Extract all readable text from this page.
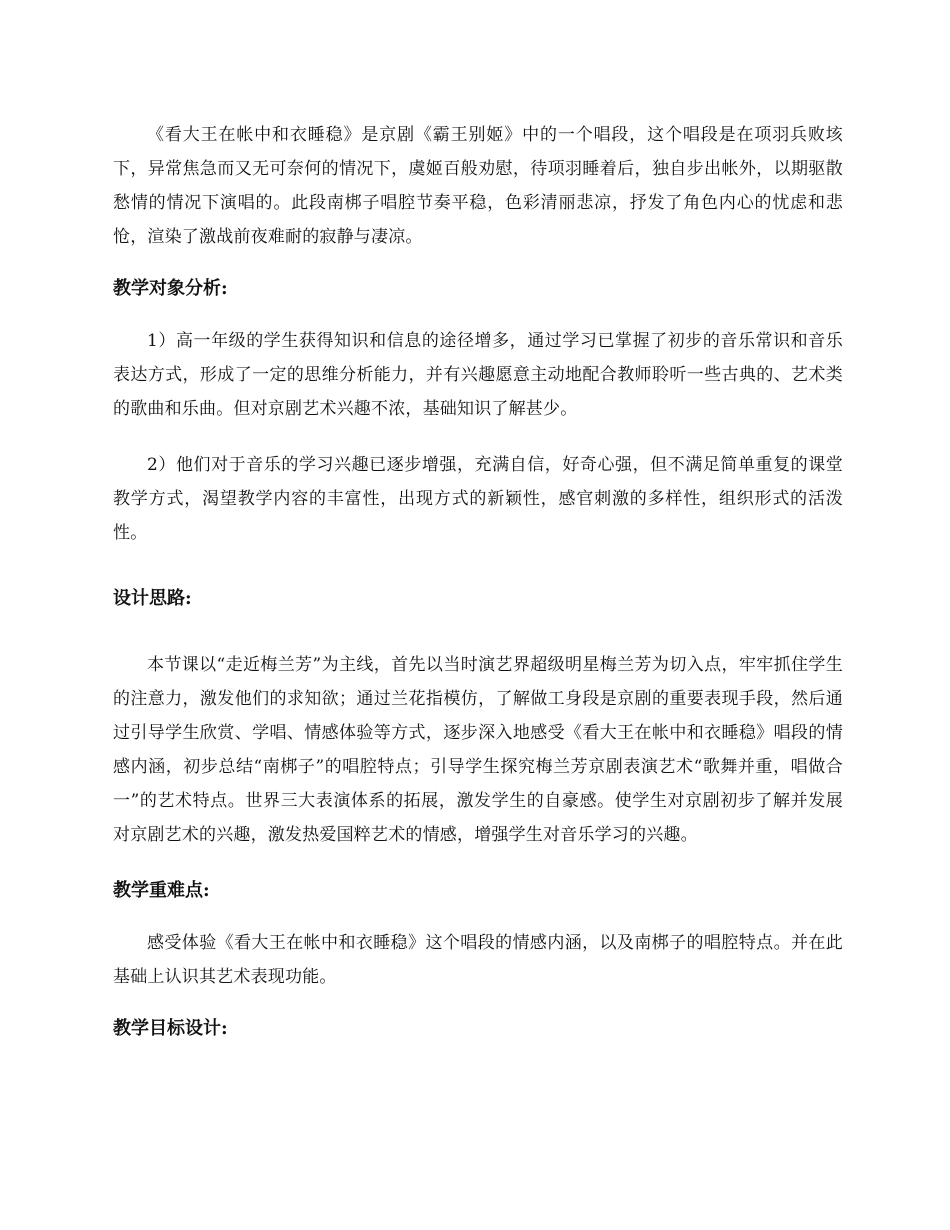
《看大王在帐中和衣睡稳》是京剧《霸王别姬》中的一个唱段，这个唱段是在项羽兵败垓下，异常焦急而又无可奈何的情况下，虞姬百般劝慰，待项羽睡着后，独自步出帐外，以期驱散愁情的情况下演唱的。此段南梆子唱腔节奏平稳，色彩清丽悲凉，抒发了角色内心的忧虑和悲怆，渲染了激战前夜难耐的寂静与凄凉。

教学对象分析:

1）高一年级的学生获得知识和信息的途径增多，通过学习已掌握了初步的音乐常识和音乐表达方式，形成了一定的思维分析能力，并有兴趣愿意主动地配合教师聆听一些古典的、艺术类的歌曲和乐曲。但对京剧艺术兴趣不浓，基础知识了解甚少。

2）他们对于音乐的学习兴趣已逐步增强，充满自信，好奇心强，但不满足简单重复的课堂教学方式，渴望教学内容的丰富性，出现方式的新颖性，感官刺激的多样性，组织形式的活泼性。

设计思路:

本节课以“走近梅兰芳”为主线，首先以当时演艺界超级明星梅兰芳为切入点，牢牢抓住学生的注意力，激发他们的求知欲；通过兰花指模仿，了解做工身段是京剧的重要表现手段，然后通过引导学生欣赏、学唱、情感体验等方式，逐步深入地感受《看大王在帐中和衣睡稳》唱段的情感内涵，初步总结“南梆子”的唱腔特点；引导学生探究梅兰芳京剧表演艺术“歌舞并重，唱做合一”的艺术特点。世界三大表演体系的拓展，激发学生的自豪感。使学生对京剧初步了解并发展对京剧艺术的兴趣，激发热爱国粹艺术的情感，增强学生对音乐学习的兴趣。

教学重难点:

感受体验《看大王在帐中和衣睡稳》这个唱段的情感内涵，以及南梆子的唱腔特点。并在此基础上认识其艺术表现功能。

教学目标设计:
